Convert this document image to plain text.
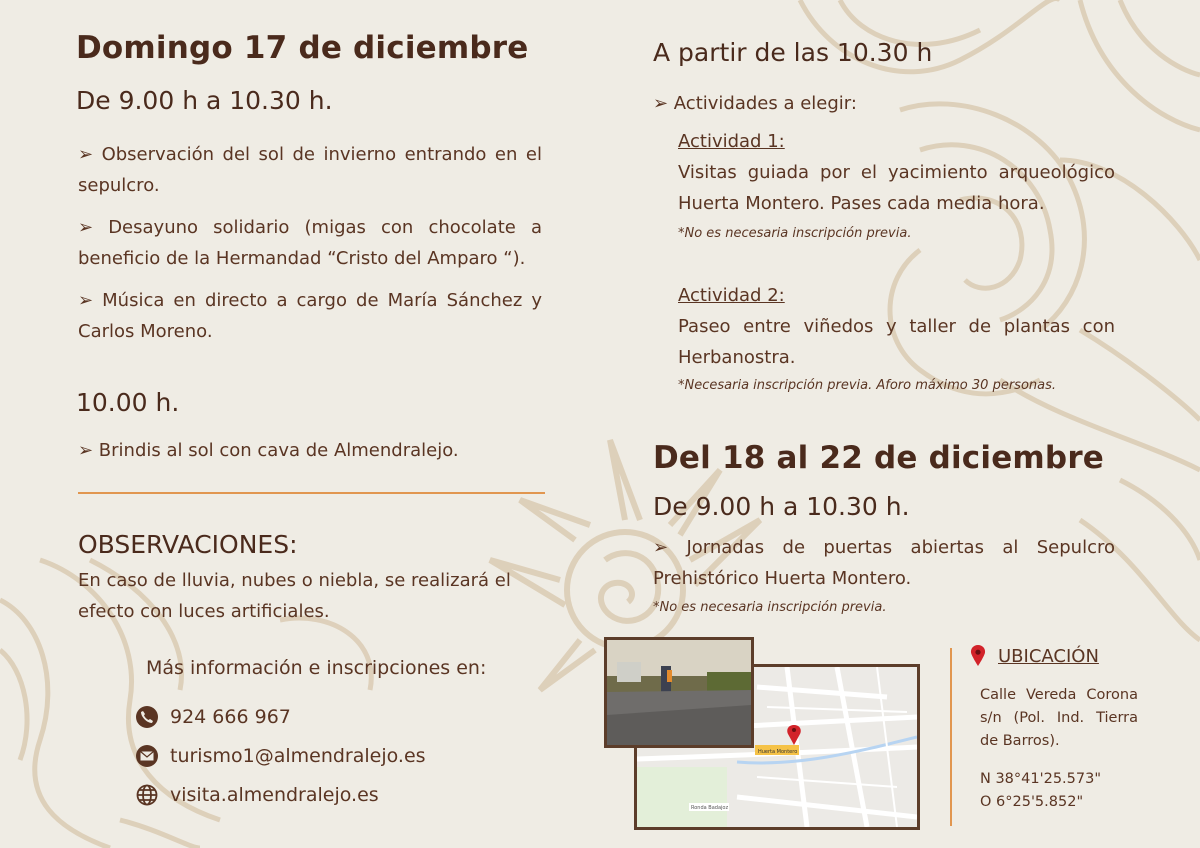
Domingo 17 de diciembre
De 9.00 h a 10.30 h.
➢ Observación del sol de invierno entrando en el sepulcro.
➢ Desayuno solidario (migas con chocolate a beneficio de la Hermandad “Cristo del Amparo “).
➢ Música en directo a cargo de María Sánchez y Carlos Moreno.
10.00 h.
➢ Brindis al sol con cava de Almendralejo.
OBSERVACIONES:
En caso de lluvia, nubes o niebla, se realizará el efecto con luces artificiales.
Más información e inscripciones en:
924 666 967
turismo1@almendralejo.es
visita.almendralejo.es
A partir de las 10.30 h
➢ Actividades a elegir:
Actividad 1:
Visitas guiada por el yacimiento arqueológico Huerta Montero. Pases cada media hora.
*No es necesaria inscripción previa.
Actividad 2:
Paseo entre viñedos y taller de plantas con Herbanostra.
*Necesaria inscripción previa. Aforo máximo 30 personas.
Del 18 al 22 de diciembre
De 9.00 h a 10.30 h.
➢ Jornadas de puertas abiertas al Sepulcro Prehistórico Huerta Montero.
*No es necesaria inscripción previa.
Huerta Montero
Ronda Badajoz
UBICACIÓN
Calle Vereda Corona s/n (Pol. Ind. Tierra de Barros).
N 38°41'25.573"
O 6°25'5.852"
